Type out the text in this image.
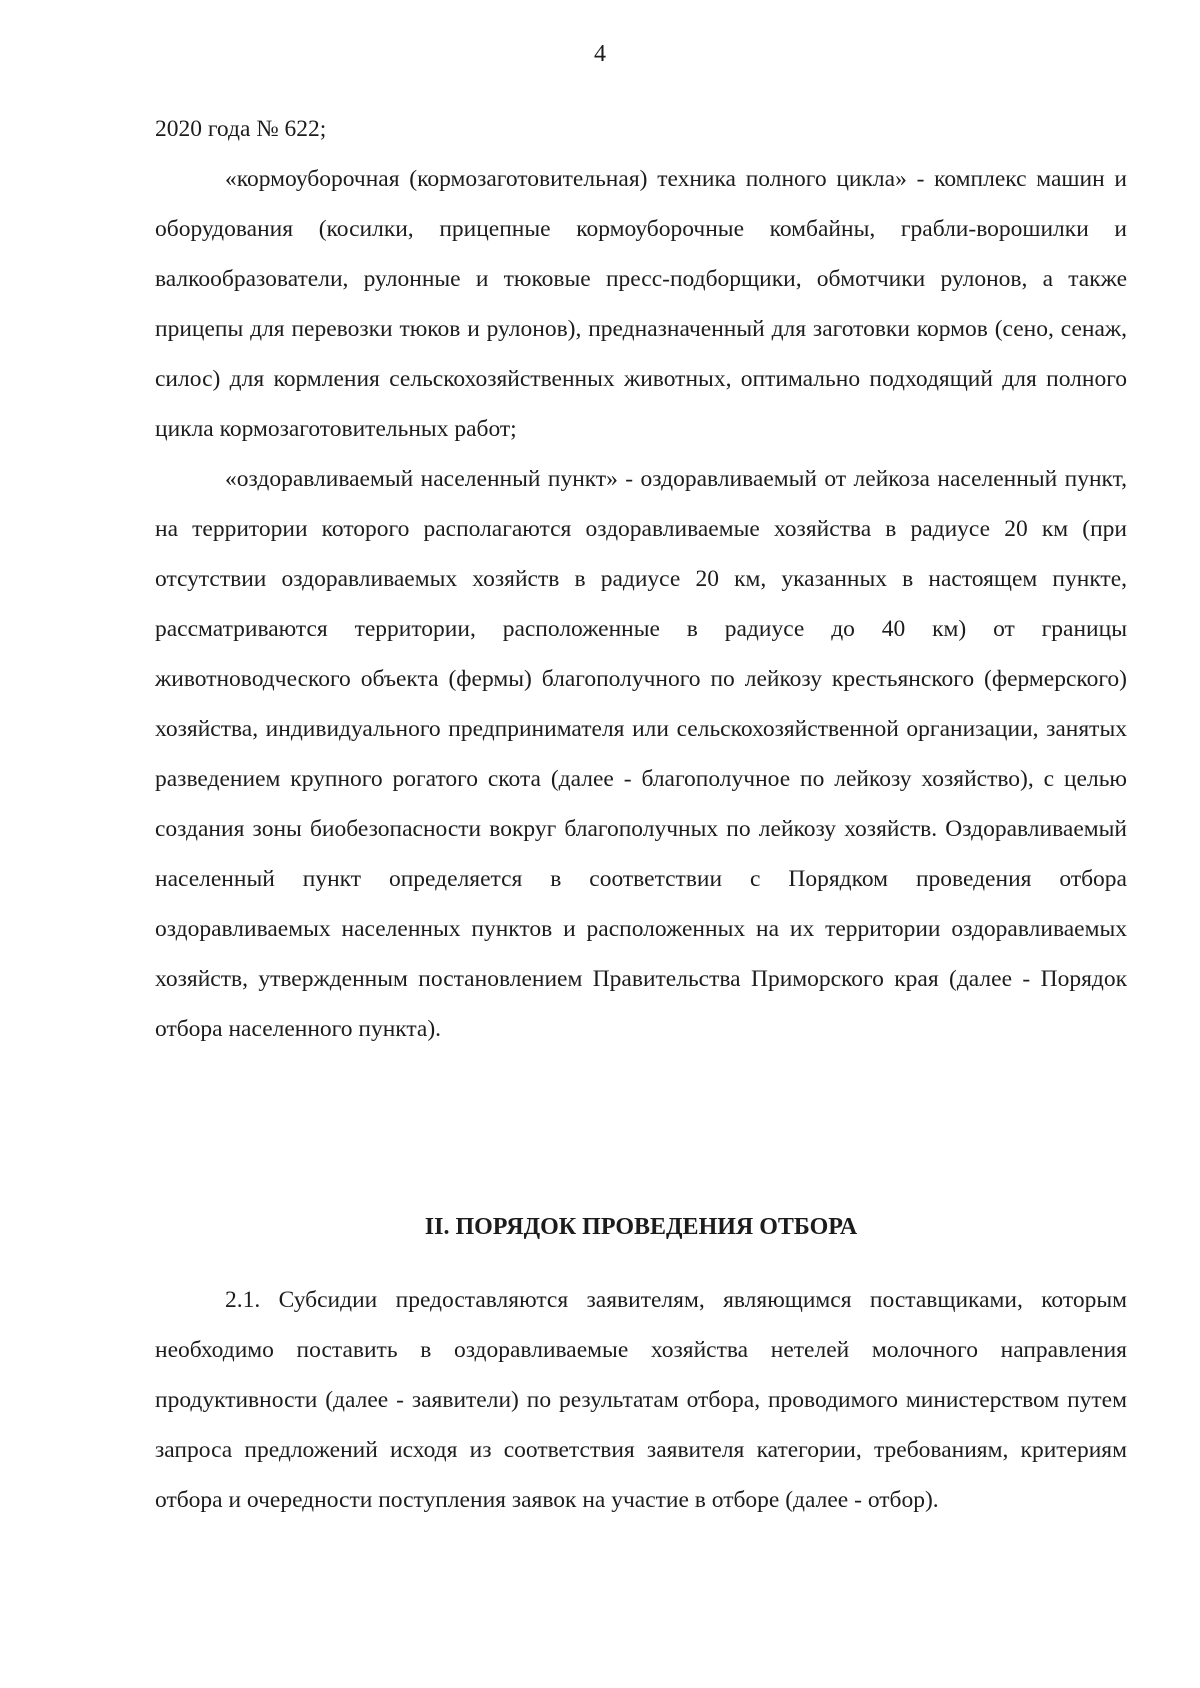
4

2020 года № 622;

«кормоуборочная (кормозаготовительная) техника полного цикла» - комплекс машин и оборудования (косилки, прицепные кормоуборочные комбайны, грабли-ворошилки и валкообразователи, рулонные и тюковые пресс-подборщики, обмотчики рулонов, а также прицепы для перевозки тюков и рулонов), предназначенный для заготовки кормов (сено, сенаж, силос) для кормления сельскохозяйственных животных, оптимально подходящий для полного цикла кормозаготовительных работ;

«оздоравливаемый населенный пункт» - оздоравливаемый от лейкоза населенный пункт, на территории которого располагаются оздоравливаемые хозяйства в радиусе 20 км (при отсутствии оздоравливаемых хозяйств в радиусе 20 км, указанных в настоящем пункте, рассматриваются территории, расположенные в радиусе до 40 км) от границы животноводческого объекта (фермы) благополучного по лейкозу крестьянского (фермерского) хозяйства, индивидуального предпринимателя или сельскохозяйственной организации, занятых разведением крупного рогатого скота (далее - благополучное по лейкозу хозяйство), с целью создания зоны биобезопасности вокруг благополучных по лейкозу хозяйств. Оздоравливаемый населенный пункт определяется в соответствии с Порядком проведения отбора оздоравливаемых населенных пунктов и расположенных на их территории оздоравливаемых хозяйств, утвержденным постановлением Правительства Приморского края (далее - Порядок отбора населенного пункта).

II. ПОРЯДОК ПРОВЕДЕНИЯ ОТБОРА

2.1. Субсидии предоставляются заявителям, являющимся поставщиками, которым необходимо поставить в оздоравливаемые хозяйства нетелей молочного направления продуктивности (далее - заявители) по результатам отбора, проводимого министерством путем запроса предложений исходя из соответствия заявителя категории, требованиям, критериям отбора и очередности поступления заявок на участие в отборе (далее - отбор).
